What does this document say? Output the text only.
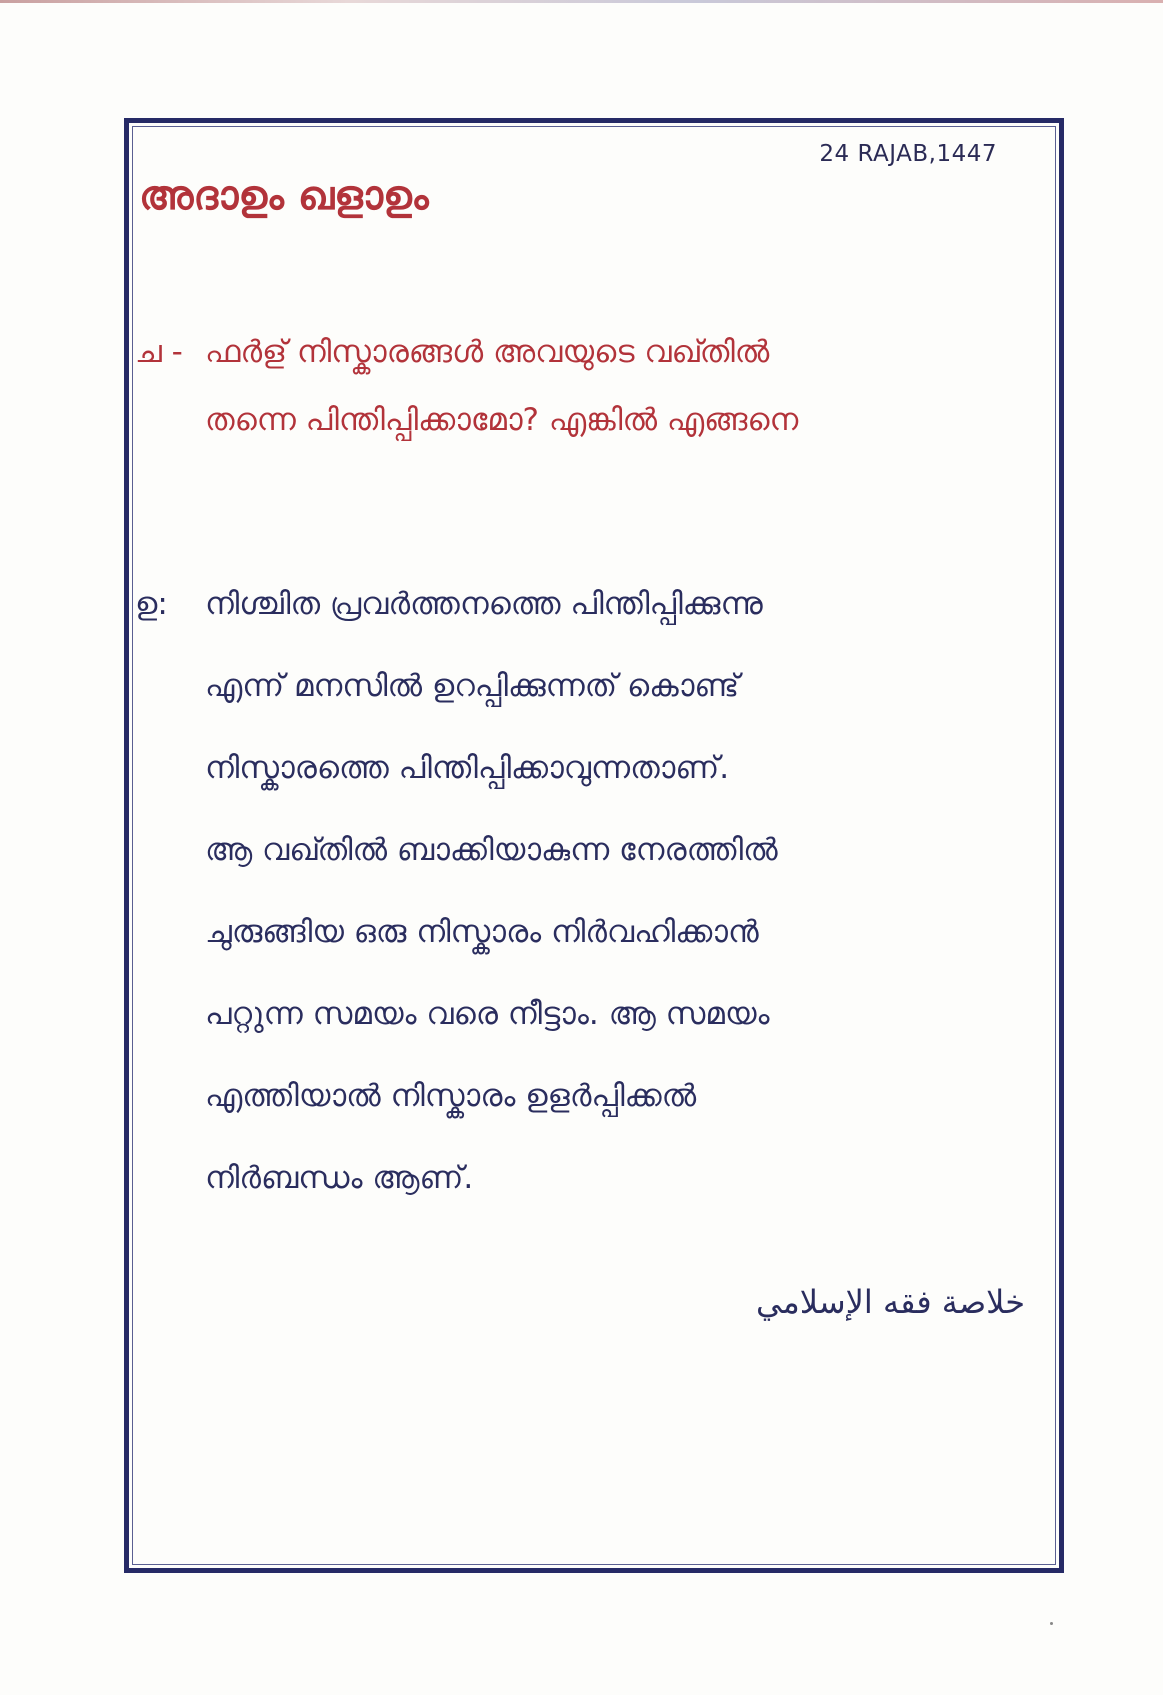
24 RAJAB,1447
അദാഉം ഖളാഉം
ച - ഫർള് നിസ്കാരങ്ങൾ അവയുടെ വഖ്തിൽ
തന്നെ പിന്തിപ്പിക്കാമോ? എങ്കിൽ എങ്ങനെ
ഉ: നിശ്ചിത പ്രവർത്തനത്തെ പിന്തിപ്പിക്കുന്നു
എന്ന് മനസിൽ ഉറപ്പിക്കുന്നത് കൊണ്ട്
നിസ്കാരത്തെ പിന്തിപ്പിക്കാവുന്നതാണ്.
ആ വഖ്തിൽ ബാക്കിയാകുന്ന നേരത്തിൽ
ചുരുങ്ങിയ ഒരു നിസ്കാരം നിർവഹിക്കാൻ
പറ്റുന്ന സമയം വരെ നീട്ടാം. ആ സമയം
എത്തിയാൽ നിസ്കാരം ഉളർപ്പിക്കൽ
നിർബന്ധം ആണ്.
خلاصة فقه الإسلامي
